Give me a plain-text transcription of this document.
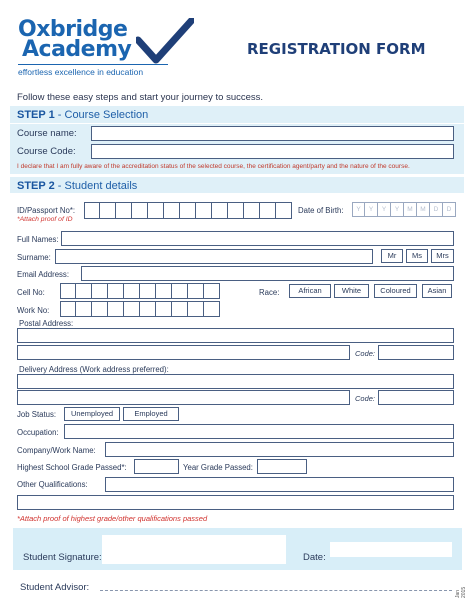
Oxbridge
Academy
effortless excellence in education
REGISTRATION FORM
Follow these easy steps and start your journey to success.
STEP 1 - Course Selection
Course name:
Course Code:
I declare that I am fully aware of the accreditation status of the selected course, the certification agent/party and the nature of the course.
STEP 2 - Student details
ID/Passport No*:
*Attach proof of ID
Date of Birth:	Y	Y	Y	Y	M	M	D	D
Full Names:
Surname:	Mr	Ms	Mrs
Email Address:
Cell No:	Race:	African	White	Coloured	Asian
Work No:
Postal Address:
Code:
Delivery Address (Work address preferred):
Code:
Job Status:	Unemployed	Employed
Occupation:
Company/Work Name:
Highest School Grade Passed*:	Year Grade Passed:
Other Qualifications:
*Attach proof of highest grade/other qualifications passed
Student Signature:	Date:
Student Advisor:
Jan 2015
